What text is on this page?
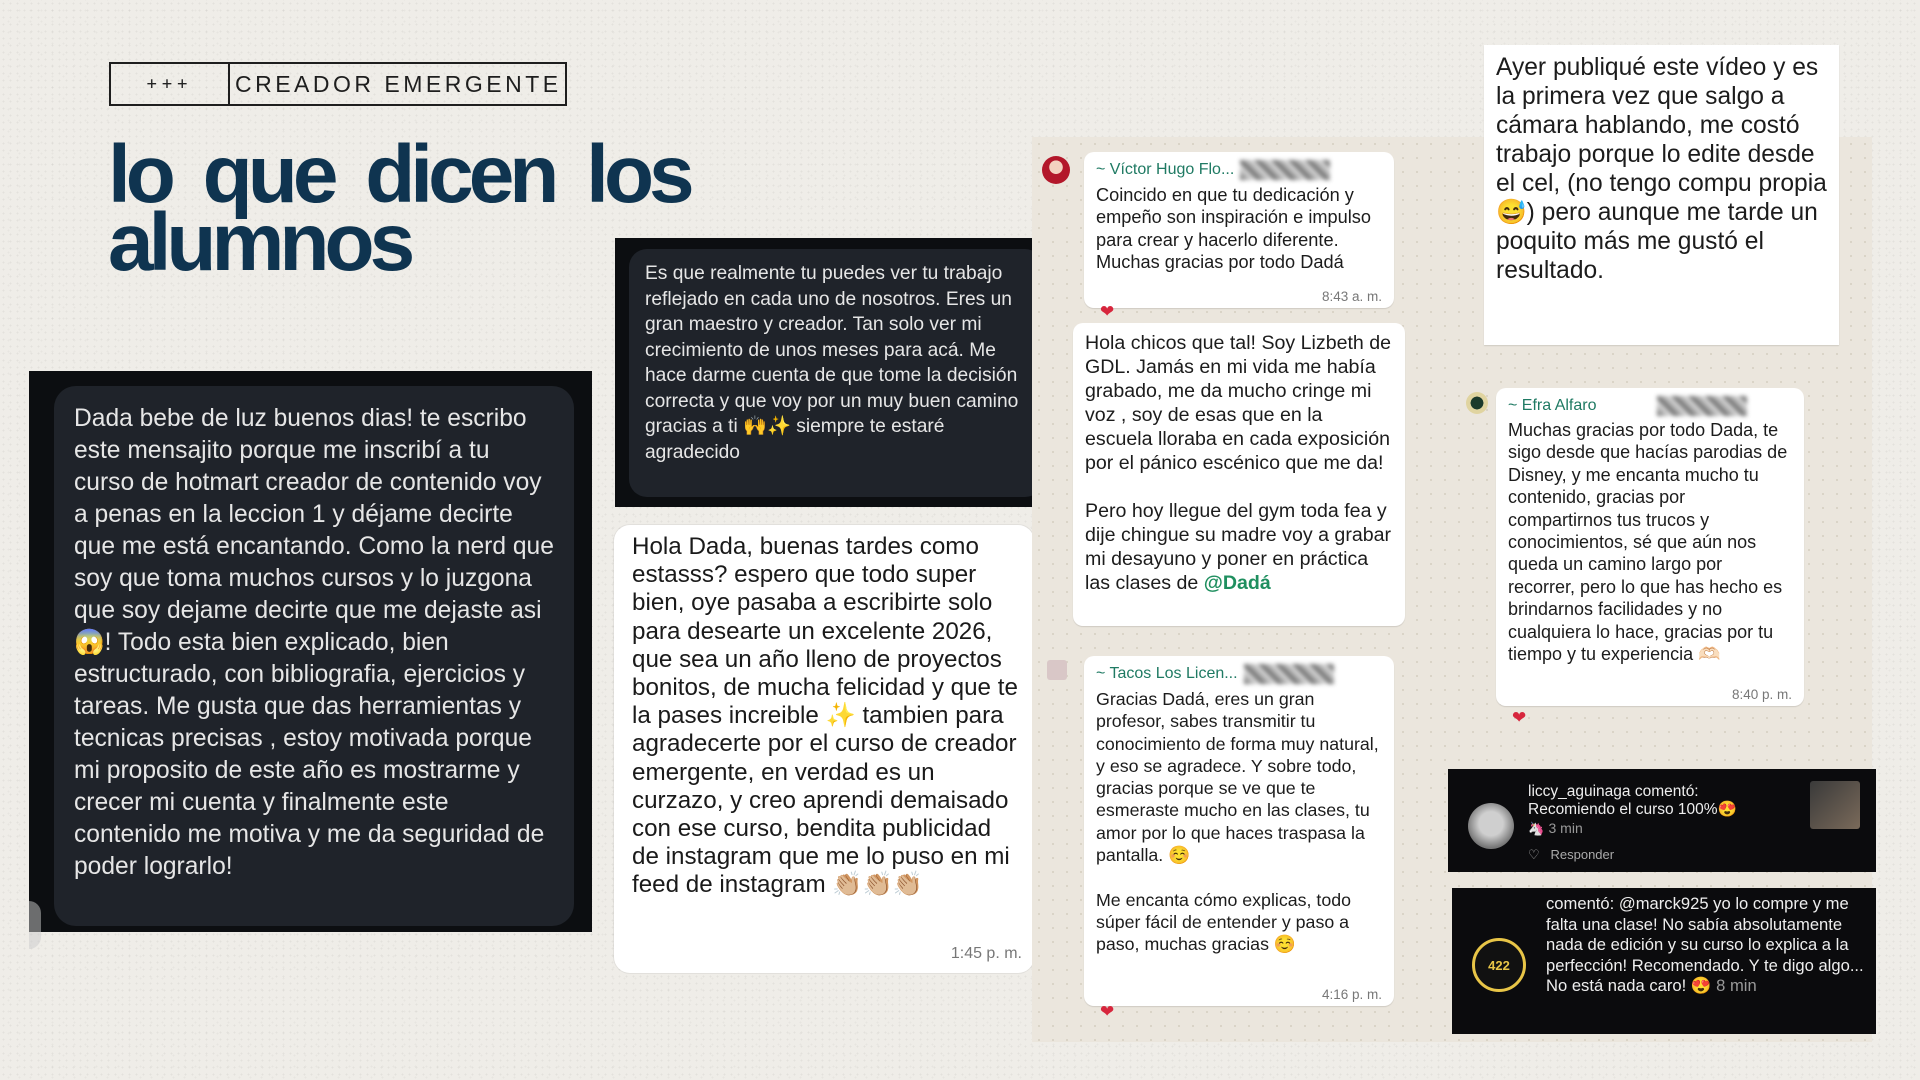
+++	CREADOR EMERGENTE
lo que dicen los alumnos
Dada bebe de luz buenos dias! te escribo este mensajito porque me inscribí a tu curso de hotmart creador de contenido voy a penas en la leccion 1 y déjame decirte que me está encantando. Como la nerd que soy que toma muchos cursos y lo juzgona que soy dejame decirte que me dejaste asi 😱! Todo esta bien explicado, bien estructurado, con bibliografia, ejercicios y tareas. Me gusta que das herramientas y tecnicas precisas , estoy motivada porque mi proposito de este año es mostrarme y crecer mi cuenta y finalmente este contenido me motiva y me da seguridad de poder lograrlo!
Es que realmente tu puedes ver tu trabajo reflejado en cada uno de nosotros. Eres un gran maestro y creador. Tan solo ver mi crecimiento de unos meses para acá. Me hace darme cuenta de que tome la decisión correcta y que voy por un muy buen camino gracias a ti 🙌✨ siempre te estaré agradecido
Hola Dada, buenas tardes como estasss? espero que todo super bien, oye pasaba a escribirte solo para desearte un excelente 2026, que sea un año lleno de proyectos bonitos, de mucha felicidad y que te la pases increible ✨ tambien para agradecerte por el curso de creador emergente, en verdad es un curzazo, y creo aprendi demaisado con ese curso, bendita publicidad de instagram que me lo puso en mi feed de instagram 👏🏼👏🏼👏🏼
1:45 p. m.
~ Víctor Hugo Flo...
Coincido en que tu dedicación y empeño son inspiración e impulso para crear y hacerlo diferente. Muchas gracias por todo Dadá
8:43 a. m.
❤
Hola chicos que tal! Soy Lizbeth de GDL. Jamás en mi vida me había grabado, me da mucho cringe mi voz , soy de esas que en la escuela lloraba en cada exposición por el pánico escénico que me da!

Pero hoy llegue del gym toda fea y dije chingue su madre voy a grabar mi desayuno y poner en práctica las clases de @Dadá
~ Tacos Los Licen...
Gracias Dadá, eres un gran profesor, sabes transmitir tu conocimiento de forma muy natural, y eso se agradece. Y sobre todo, gracias porque se ve que te esmeraste mucho en las clases, tu amor por lo que haces traspasa la pantalla. ☺️

Me encanta cómo explicas, todo súper fácil de entender y paso a paso, muchas gracias ☺️
4:16 p. m.
❤
Ayer publiqué este vídeo y es la primera vez que salgo a cámara hablando, me costó trabajo porque lo edite desde el cel, (no tengo compu propia 😅) pero aunque me tarde un poquito más me gustó el resultado.
~ Efra Alfaro
Muchas gracias por todo Dada, te sigo desde que hacías parodias de Disney, y me encanta mucho tu contenido, gracias por compartirnos tus trucos y conocimientos, sé que aún nos queda un camino largo por recorrer, pero lo que has hecho es brindarnos facilidades y no cualquiera lo hace, gracias por tu tiempo y tu experiencia 🫶🏻
8:40 p. m.
❤
liccy_aguinaga comentó:
Recomiendo el curso 100%😍
🦄 3 min
♡ Responder
422
comentó: @marck925 yo lo compre y me falta una clase! No sabía absolutamente nada de edición y su curso lo explica a la perfección! Recomendado. Y te digo algo... No está nada caro! 😍 8 min
